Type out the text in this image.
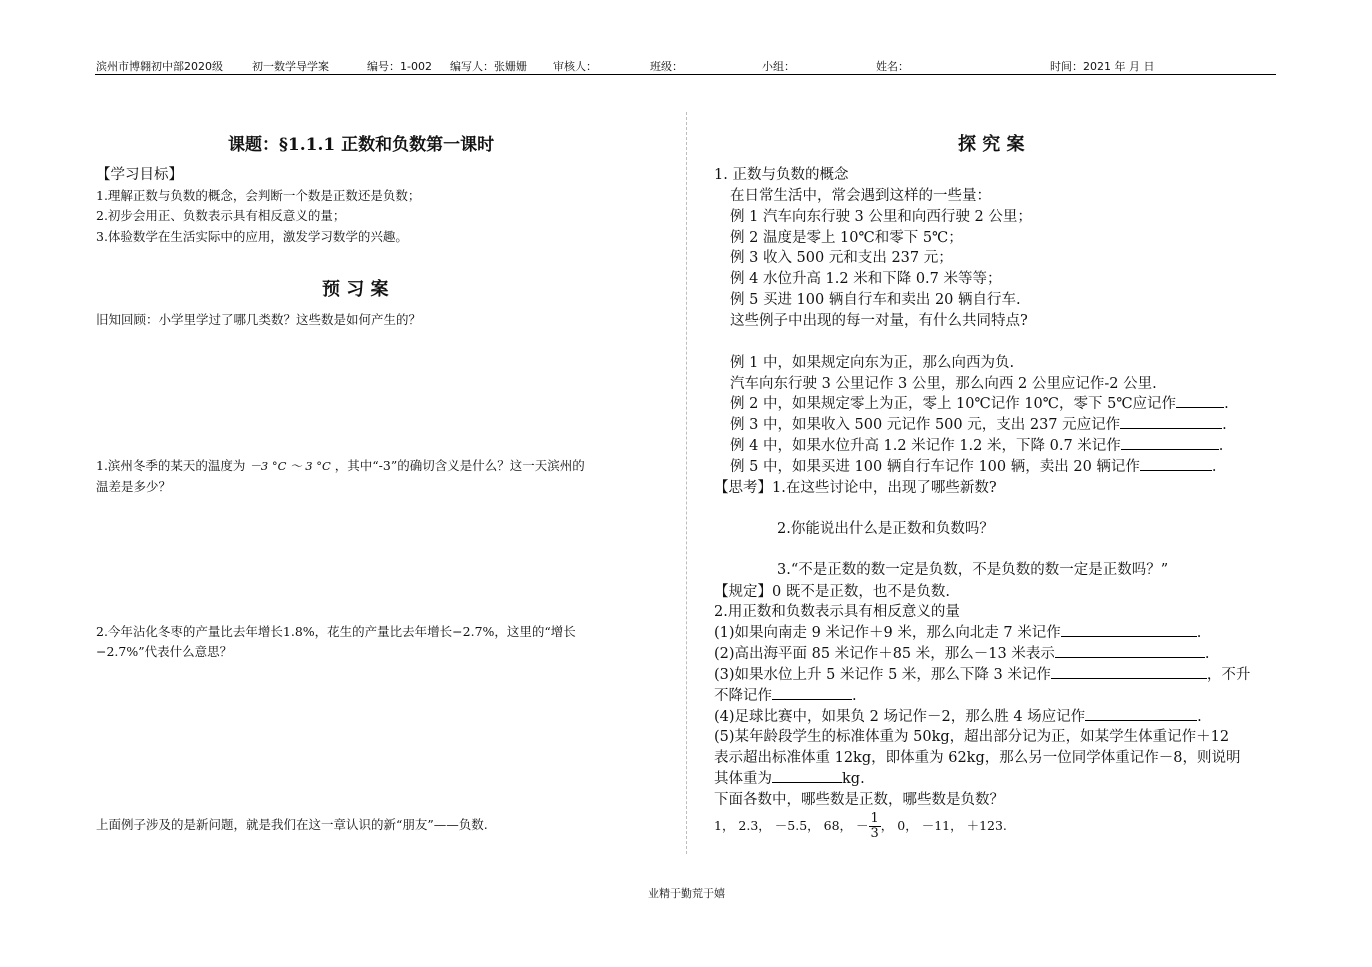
滨州市博翱初中部2020级	初一数学导学案	编号：1-002 编写人：张姗姗 审核人：	班级：	小组：	姓名：	时间：2021 年 月 日
课题：§1.1.1 正数和负数第一课时
【学习目标】
1.理解正数与负数的概念，会判断一个数是正数还是负数；
2.初步会用正、负数表示具有相反意义的量；
3.体验数学在生活实际中的应用，激发学习数学的兴趣。
预 习 案
旧知回顾：小学里学过了哪几类数？这些数是如何产生的？
1.滨州冬季的某天的温度为 －3 °C ～ 3 °C ，其中“-3”的确切含义是什么？这一天滨州的
温差是多少？
2.今年沾化冬枣的产量比去年增长1.8%，花生的产量比去年增长−2.7%，这里的“增长
−2.7%”代表什么意思？
上面例子涉及的是新问题，就是我们在这一章认识的新“朋友”——负数.
探 究 案
1. 正数与负数的概念
在日常生活中，常会遇到这样的一些量：
例 1 汽车向东行驶 3 公里和向西行驶 2 公里；
例 2 温度是零上 10℃和零下 5℃；
例 3 收入 500 元和支出 237 元；
例 4 水位升高 1.2 米和下降 0.7 米等等；
例 5 买进 100 辆自行车和卖出 20 辆自行车.
这些例子中出现的每一对量，有什么共同特点?
例 1 中，如果规定向东为正，那么向西为负.
汽车向东行驶 3 公里记作 3 公里，那么向西 2 公里应记作-2 公里.
例 2 中，如果规定零上为正，零上 10℃记作 10℃，零下 5℃应记作	.
例 3 中，如果收入 500 元记作 500 元，支出 237 元应记作	.
例 4 中，如果水位升高 1.2 米记作 1.2 米，下降 0.7 米记作	.
例 5 中，如果买进 100 辆自行车记作 100 辆，卖出 20 辆记作	.
【思考】1.在这些讨论中，出现了哪些新数?
2.你能说出什么是正数和负数吗？
3.“不是正数的数一定是负数，不是负数的数一定是正数吗？”
【规定】0 既不是正数，也不是负数.
2.用正数和负数表示具有相反意义的量
(1)如果向南走 9 米记作＋9 米，那么向北走 7 米记作	.
(2)高出海平面 85 米记作＋85 米，那么－13 米表示	.
(3)如果水位上升 5 米记作 5 米，那么下降 3 米记作	，不升
不降记作	.
(4)足球比赛中，如果负 2 场记作－2，那么胜 4 场应记作	.
(5)某年龄段学生的标准体重为 50kg，超出部分记为正，如某学生体重记作＋12
表示超出标准体重 12kg，即体重为 62kg，那么另一位同学体重记作－8，则说明
其体重为	kg.
下面各数中，哪些数是正数，哪些数是负数？
1， 2.3， －5.5， 68， － $\frac{1}{3}$ ， 0， －11， ＋123.
业精于勤荒于嬉
